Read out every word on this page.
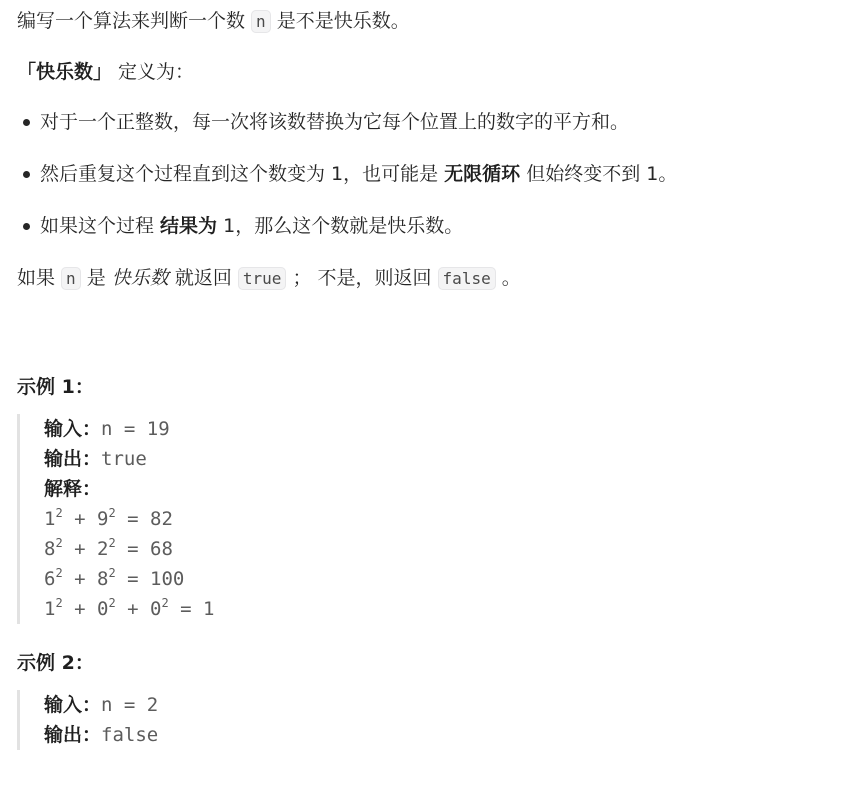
编写一个算法来判断一个数 n 是不是快乐数。

「快乐数」 定义为：

对于一个正整数，每一次将该数替换为它每个位置上的数字的平方和。
然后重复这个过程直到这个数变为 1，也可能是 无限循环 但始终变不到 1。
如果这个过程 结果为 1，那么这个数就是快乐数。

如果 n 是 快乐数 就返回 true ； 不是，则返回 false 。

示例 1：
输入：n = 19
输出：true
解释：
$1^2 + 9^2 = 82$
$8^2 + 2^2 = 68$
$6^2 + 8^2 = 100$
$1^2 + 0^2 + 0^2 = 1$
示例 2：
输入：n = 2
输出：false
